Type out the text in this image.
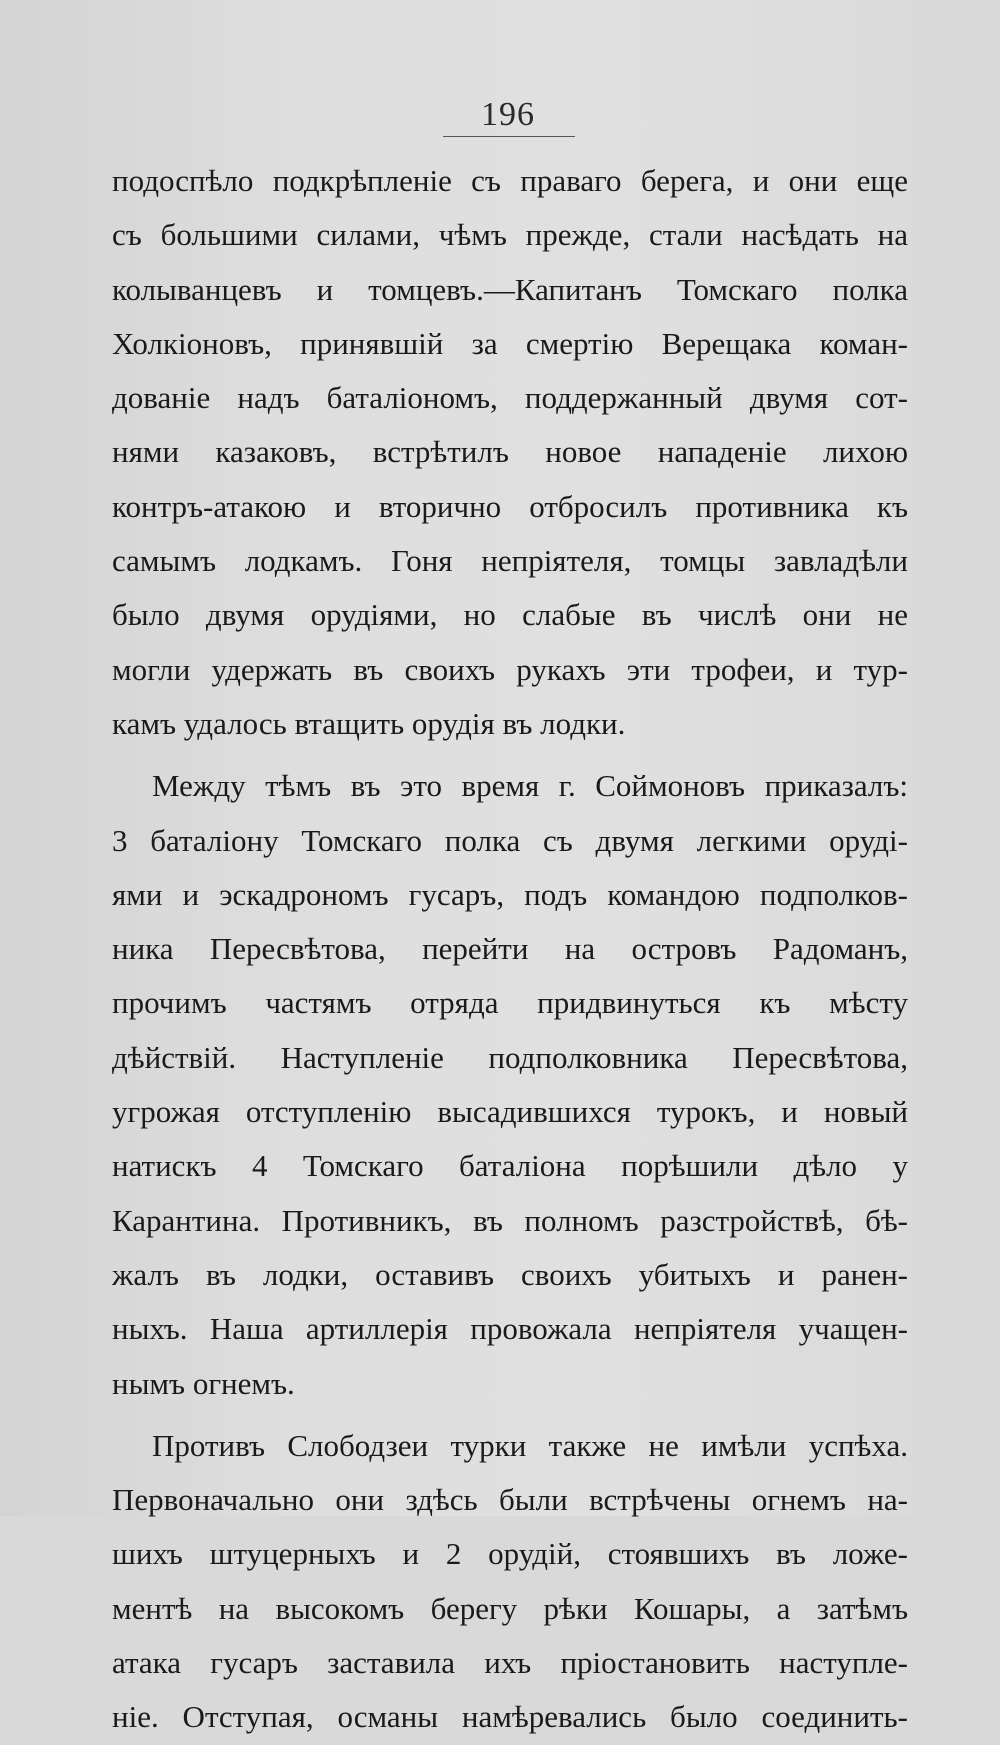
196
подоспѣло подкрѣпленіе съ праваго берега, и они еще
съ большими силами, чѣмъ прежде, стали насѣдать на
колыванцевъ и томцевъ.—Капитанъ Томскаго полка
Холкіоновъ, принявшій за смертію Верещака коман-
дованіе надъ баталіономъ, поддержанный двумя сот-
нями казаковъ, встрѣтилъ новое нападеніе лихою
контръ-атакою и вторично отбросилъ противника къ
самымъ лодкамъ. Гоня непріятеля, томцы завладѣли
было двумя орудіями, но слабые въ числѣ они не
могли удержать въ своихъ рукахъ эти трофеи, и тур-
камъ удалось втащить орудія въ лодки.
Между тѣмъ въ это время г. Соймоновъ приказалъ:
3 баталіону Томскаго полка съ двумя легкими орудi-
ями и эскадрономъ гусаръ, подъ командою подполков-
ника Пересвѣтова, перейти на островъ Радоманъ,
прочимъ частямъ отряда придвинуться къ мѣсту
дѣйствій. Наступленіе подполковника Пересвѣтова,
угрожая отступленію высадившихся турокъ, и новый
натискъ 4 Томскаго баталіона порѣшили дѣло у
Карантина. Противникъ, въ полномъ разстройствѣ, бѣ-
жалъ въ лодки, оставивъ своихъ убитыхъ и ранен-
ныхъ. Наша артиллерія провожала непріятеля учащен-
нымъ огнемъ.
Противъ Слободзеи турки также не имѣли успѣха.
Первоначально они здѣсь были встрѣчены огнемъ на-
шихъ штуцерныхъ и 2 орудій, стоявшихъ въ ложе-
ментѣ на высокомъ берегу рѣки Кошары, а затѣмъ
атака гусаръ заставила ихъ пріостановить наступле-
ніе. Отступая, османы намѣревались было соединить-
